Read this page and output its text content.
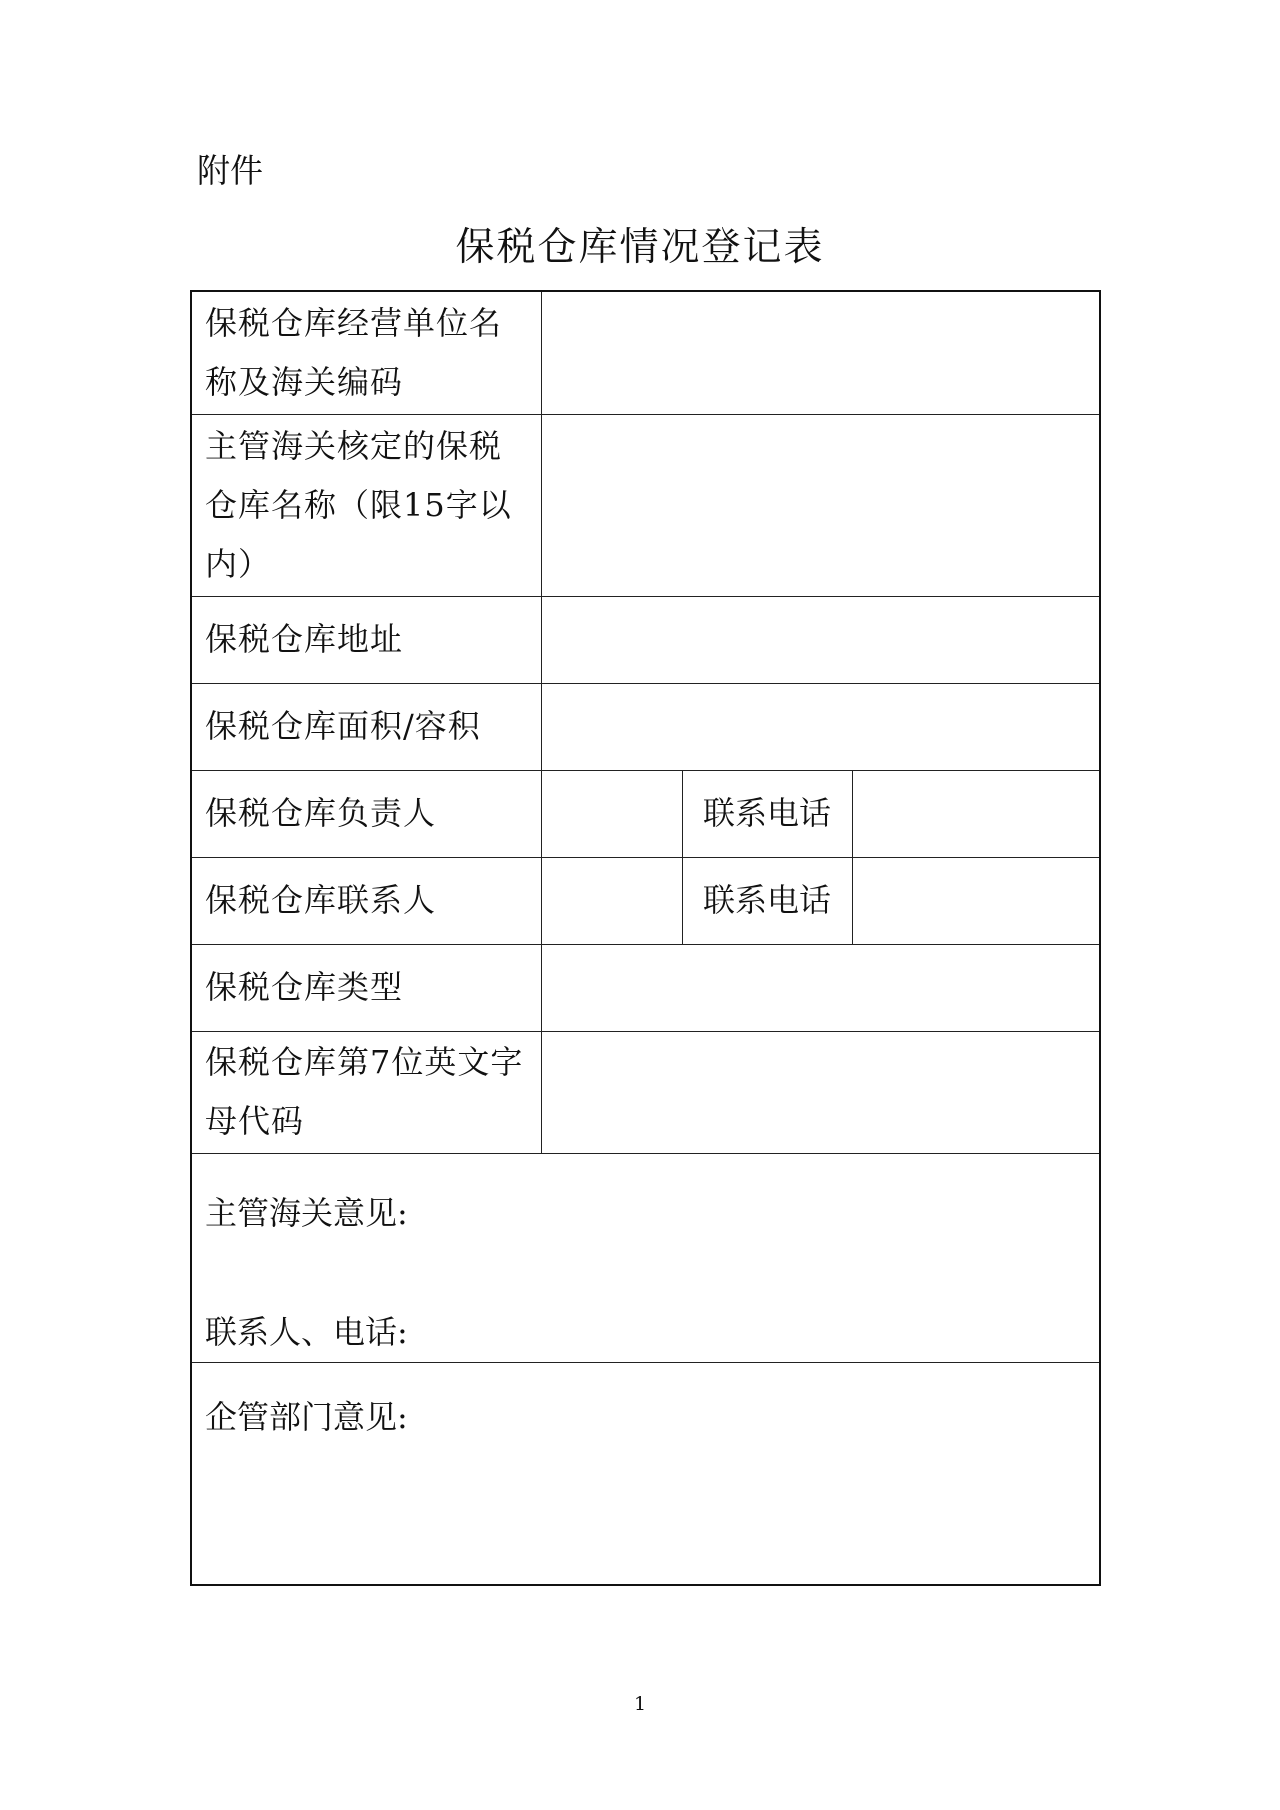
附件
保税仓库情况登记表
保税仓库经营单位名称及海关编码			
主管海关核定的保税仓库名称（限15字以内）			
保税仓库地址			
保税仓库面积/容积			
保税仓库负责人		联系电话	
保税仓库联系人		联系电话	
保税仓库类型			
保税仓库第7位英文字母代码			

主管海关意见:
联系人、电话:			

企管部门意见:			
1
